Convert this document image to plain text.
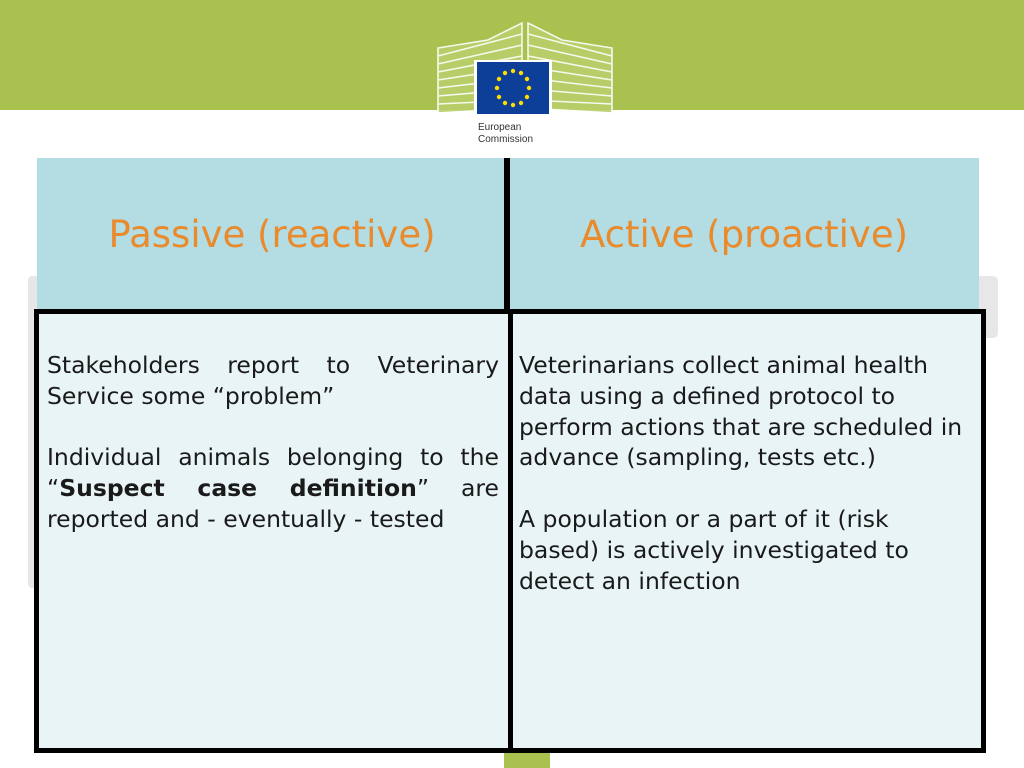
European
Commission
Passive (reactive)	Active (proactive)

Stakeholders report to Veterinary Service some “problem”

Individual animals belonging to the “Suspect case definition” are reported and - eventually - tested

Veterinarians collect animal health data using a defined protocol to perform actions that are scheduled in advance (sampling, tests etc.)

A population or a part of it (risk based) is actively investigated to detect an infection
